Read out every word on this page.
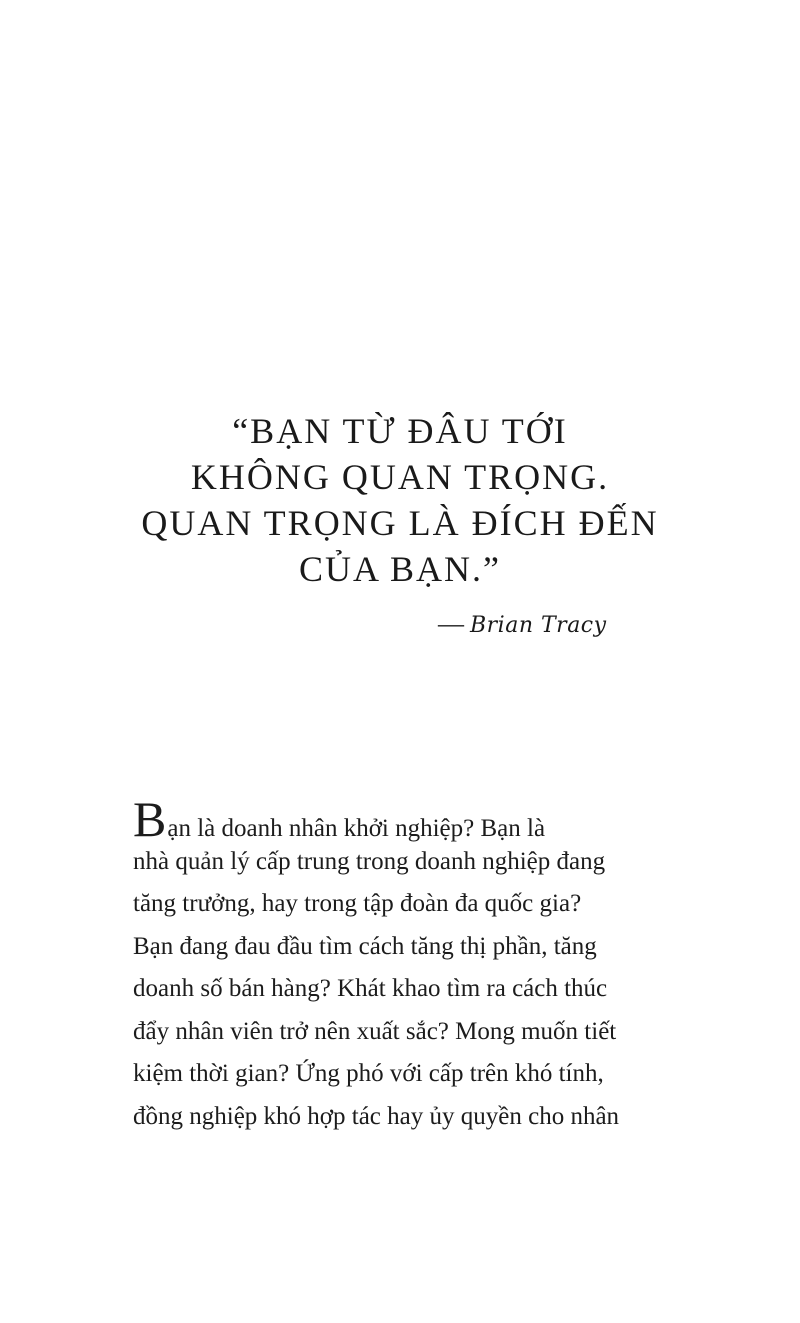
“BẠN TỪ ĐÂU TỚI
KHÔNG QUAN TRỌNG.
QUAN TRỌNG LÀ ĐÍCH ĐẾN
CỦA BẠN.”
— Brian Tracy
Bạn là doanh nhân khởi nghiệp? Bạn là
nhà quản lý cấp trung trong doanh nghiệp đang
tăng trưởng, hay trong tập đoàn đa quốc gia?
Bạn đang đau đầu tìm cách tăng thị phần, tăng
doanh số bán hàng? Khát khao tìm ra cách thúc
đẩy nhân viên trở nên xuất sắc? Mong muốn tiết
kiệm thời gian? Ứng phó với cấp trên khó tính,
đồng nghiệp khó hợp tác hay ủy quyền cho nhân
